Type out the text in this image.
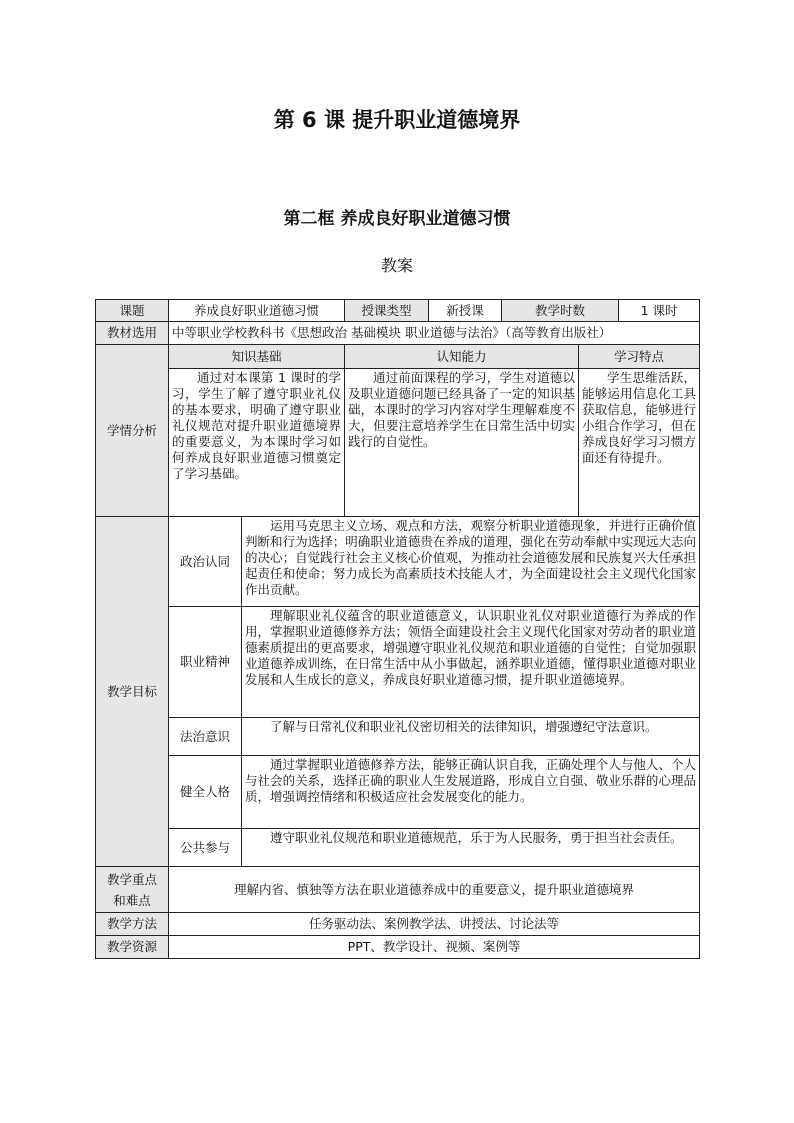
第 6 课 提升职业道德境界
第二框 养成良好职业道德习惯
教案
课题	养成良好职业道德习惯		授课类型	新授课	教学时数		1 课时
教材选用	中等职业学校教科书《思想政治 基础模块 职业道德与法治》（高等教育出版社）						
学情分析	知识基础		认知能力			学习特点	
	通过对本课第 1 课时的学习，学生了解了遵守职业礼仪的基本要求，明确了遵守职业礼仪规范对提升职业道德境界的重要意义，为本课时学习如何养成良好职业道德习惯奠定了学习基础。		通过前面课程的学习，学生对道德以及职业道德问题已经具备了一定的知识基础，本课时的学习内容对学生理解难度不大，但要注意培养学生在日常生活中切实践行的自觉性。			学生思维活跃，能够运用信息化工具获取信息，能够进行小组合作学习，但在养成良好学习习惯方面还有待提升。	
教学目标	政治认同	运用马克思主义立场、观点和方法，观察分析职业道德现象，并进行正确价值判断和行为选择；明确职业道德贵在养成的道理，强化在劳动奉献中实现远大志向的决心；自觉践行社会主义核心价值观，为推动社会道德发展和民族复兴大任承担起责任和使命；努力成长为高素质技术技能人才，为全面建设社会主义现代化国家作出贡献。					
	职业精神	理解职业礼仪蕴含的职业道德意义，认识职业礼仪对职业道德行为养成的作用，掌握职业道德修养方法；领悟全面建设社会主义现代化国家对劳动者的职业道德素质提出的更高要求，增强遵守职业礼仪规范和职业道德的自觉性；自觉加强职业道德养成训练，在日常生活中从小事做起，涵养职业道德，懂得职业道德对职业发展和人生成长的意义，养成良好职业道德习惯，提升职业道德境界。					
	法治意识	了解与日常礼仪和职业礼仪密切相关的法律知识，增强遵纪守法意识。					
	健全人格	通过掌握职业道德修养方法，能够正确认识自我，正确处理个人与他人、个人与社会的关系，选择正确的职业人生发展道路，形成自立自强、敬业乐群的心理品质，增强调控情绪和积极适应社会发展变化的能力。					
	公共参与	遵守职业礼仪规范和职业道德规范，乐于为人民服务，勇于担当社会责任。					

教学重点
和难点	理解内省、慎独等方法在职业道德养成中的重要意义，提升职业道德境界						
教学方法	任务驱动法、案例教学法、讲授法、讨论法等						
教学资源	PPT、教学设计、视频、案例等						
